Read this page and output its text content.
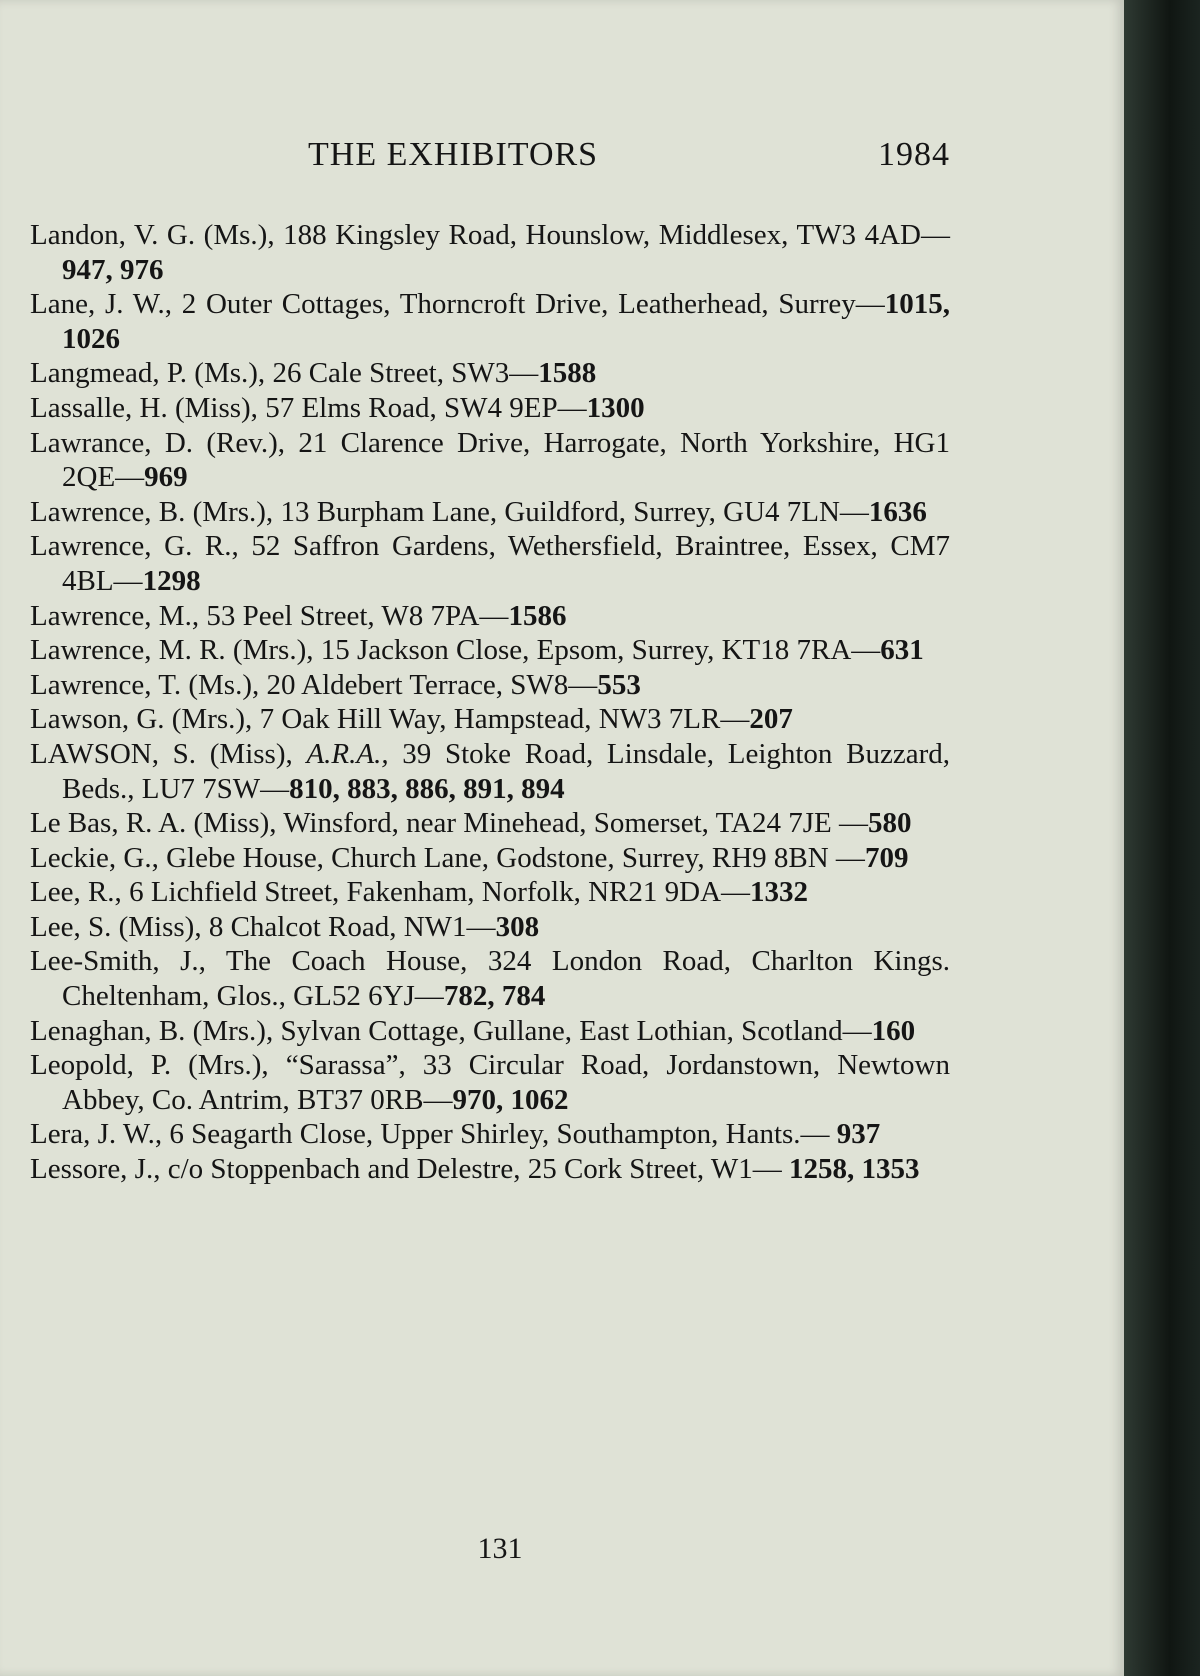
THE EXHIBITORS	1984

Landon, V. G. (Ms.), 188 Kingsley Road, Hounslow, Middlesex, TW3 4AD—947, 976

Lane, J. W., 2 Outer Cottages, Thorncroft Drive, Leatherhead, Surrey—1015, 1026

Langmead, P. (Ms.), 26 Cale Street, SW3—1588

Lassalle, H. (Miss), 57 Elms Road, SW4 9EP—1300

Lawrance, D. (Rev.), 21 Clarence Drive, Harrogate, North Yorkshire, HG1 2QE—969

Lawrence, B. (Mrs.), 13 Burpham Lane, Guildford, Surrey, GU4 7LN—1636

Lawrence, G. R., 52 Saffron Gardens, Wethersfield, Braintree, Essex, CM7 4BL—1298

Lawrence, M., 53 Peel Street, W8 7PA—1586

Lawrence, M. R. (Mrs.), 15 Jackson Close, Epsom, Surrey, KT18 7RA—631

Lawrence, T. (Ms.), 20 Aldebert Terrace, SW8—553

Lawson, G. (Mrs.), 7 Oak Hill Way, Hampstead, NW3 7LR—207

LAWSON, S. (Miss), A.R.A., 39 Stoke Road, Linsdale, Leighton Buzzard, Beds., LU7 7SW—810, 883, 886, 891, 894

Le Bas, R. A. (Miss), Winsford, near Minehead, Somerset, TA24 7JE —580

Leckie, G., Glebe House, Church Lane, Godstone, Surrey, RH9 8BN —709

Lee, R., 6 Lichfield Street, Fakenham, Norfolk, NR21 9DA—1332

Lee, S. (Miss), 8 Chalcot Road, NW1—308

Lee-Smith, J., The Coach House, 324 London Road, Charlton Kings. Cheltenham, Glos., GL52 6YJ—782, 784

Lenaghan, B. (Mrs.), Sylvan Cottage, Gullane, East Lothian, Scotland—160

Leopold, P. (Mrs.), “Sarassa”, 33 Circular Road, Jordanstown, Newtown Abbey, Co. Antrim, BT37 0RB—970, 1062

Lera, J. W., 6 Seagarth Close, Upper Shirley, Southampton, Hants.— 937

Lessore, J., c/o Stoppenbach and Delestre, 25 Cork Street, W1— 1258, 1353

131
